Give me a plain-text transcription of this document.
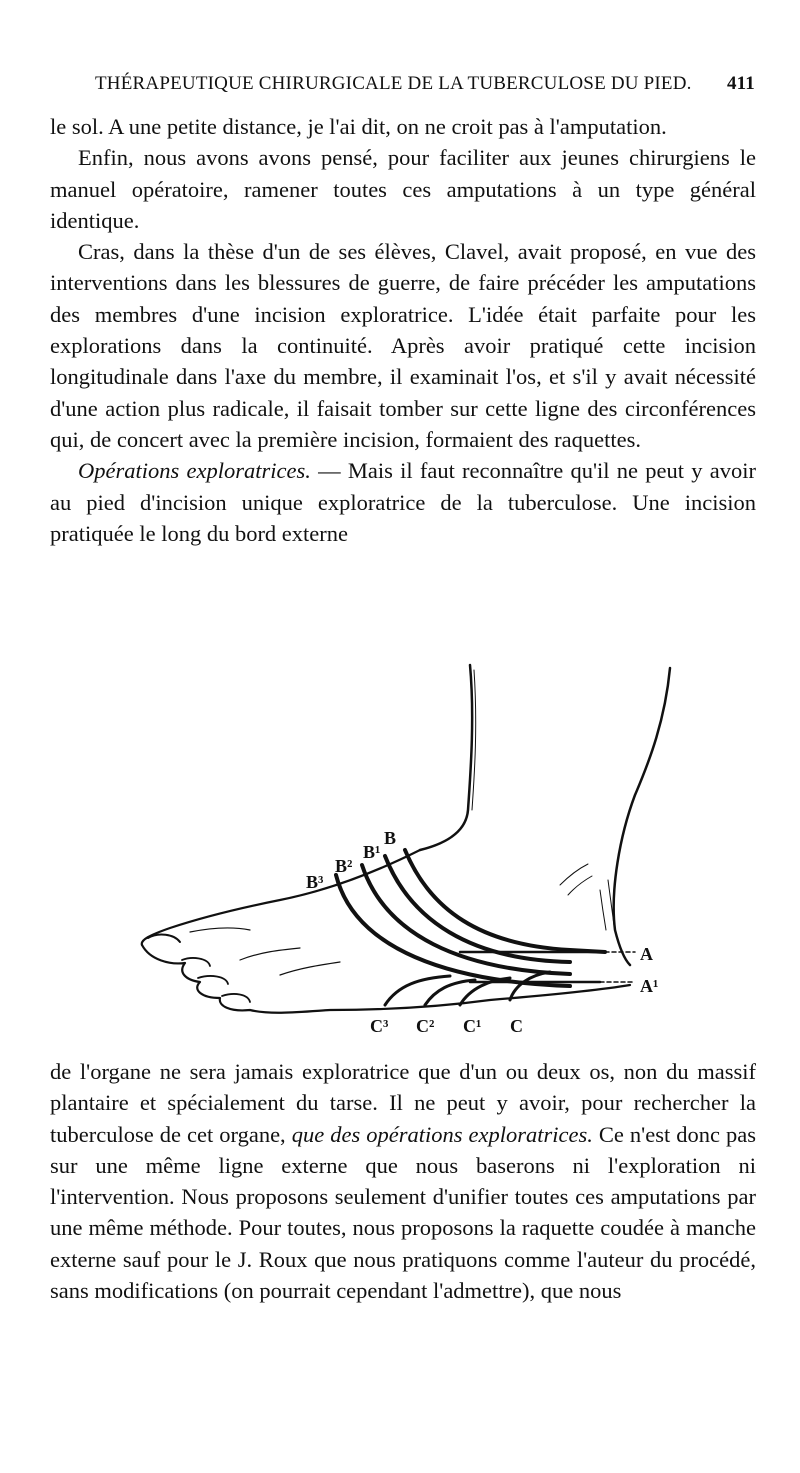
THÉRAPEUTIQUE CHIRURGICALE DE LA TUBERCULOSE DU PIED. 411

le sol. A une petite distance, je l'ai dit, on ne croit pas à l'amputation.

Enfin, nous avons avons pensé, pour faciliter aux jeunes chirurgiens le manuel opératoire, ramener toutes ces amputations à un type général identique.

Cras, dans la thèse d'un de ses élèves, Clavel, avait proposé, en vue des interventions dans les blessures de guerre, de faire précéder les amputations des membres d'une incision exploratrice. L'idée était parfaite pour les explorations dans la continuité. Après avoir pratiqué cette incision longitudinale dans l'axe du membre, il examinait l'os, et s'il y avait nécessité d'une action plus radicale, il faisait tomber sur cette ligne des circonférences qui, de concert avec la première incision, formaient des raquettes.

Opérations exploratrices. — Mais il faut reconnaître qu'il ne peut y avoir au pied d'incision unique exploratrice de la tuberculose. Une incision pratiquée le long du bord externe

B³
B²
B¹
B
A
A¹
C³ C² C¹ C

de l'organe ne sera jamais exploratrice que d'un ou deux os, non du massif plantaire et spécialement du tarse. Il ne peut y avoir, pour rechercher la tuberculose de cet organe, que des opérations exploratrices. Ce n'est donc pas sur une même ligne externe que nous baserons ni l'exploration ni l'intervention. Nous proposons seulement d'unifier toutes ces amputations par une même méthode. Pour toutes, nous proposons la raquette coudée à manche externe sauf pour le J. Roux que nous pratiquons comme l'auteur du procédé, sans modifications (on pourrait cependant l'admettre), que nous
